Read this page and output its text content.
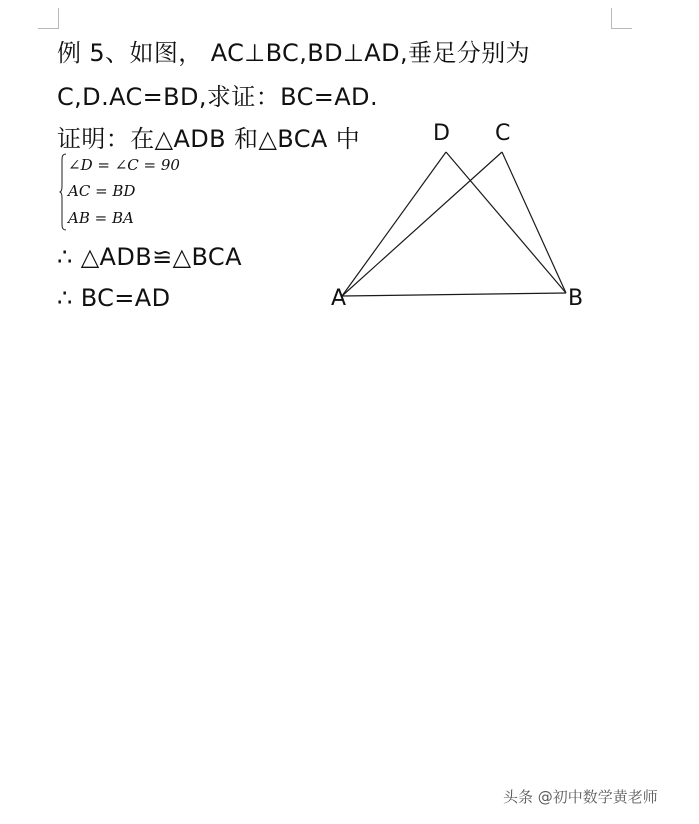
例 5、如图， AC⊥BC,BD⊥AD,垂足分别为
C,D.AC=BD,求证：BC=AD.
证明：在△ADB 和△BCA 中
∠D = ∠C = 90
AC = BD
AB = BA
∴ △ADB≌△BCA
∴ BC=AD
D C
A	B
头条 @初中数学黄老师
